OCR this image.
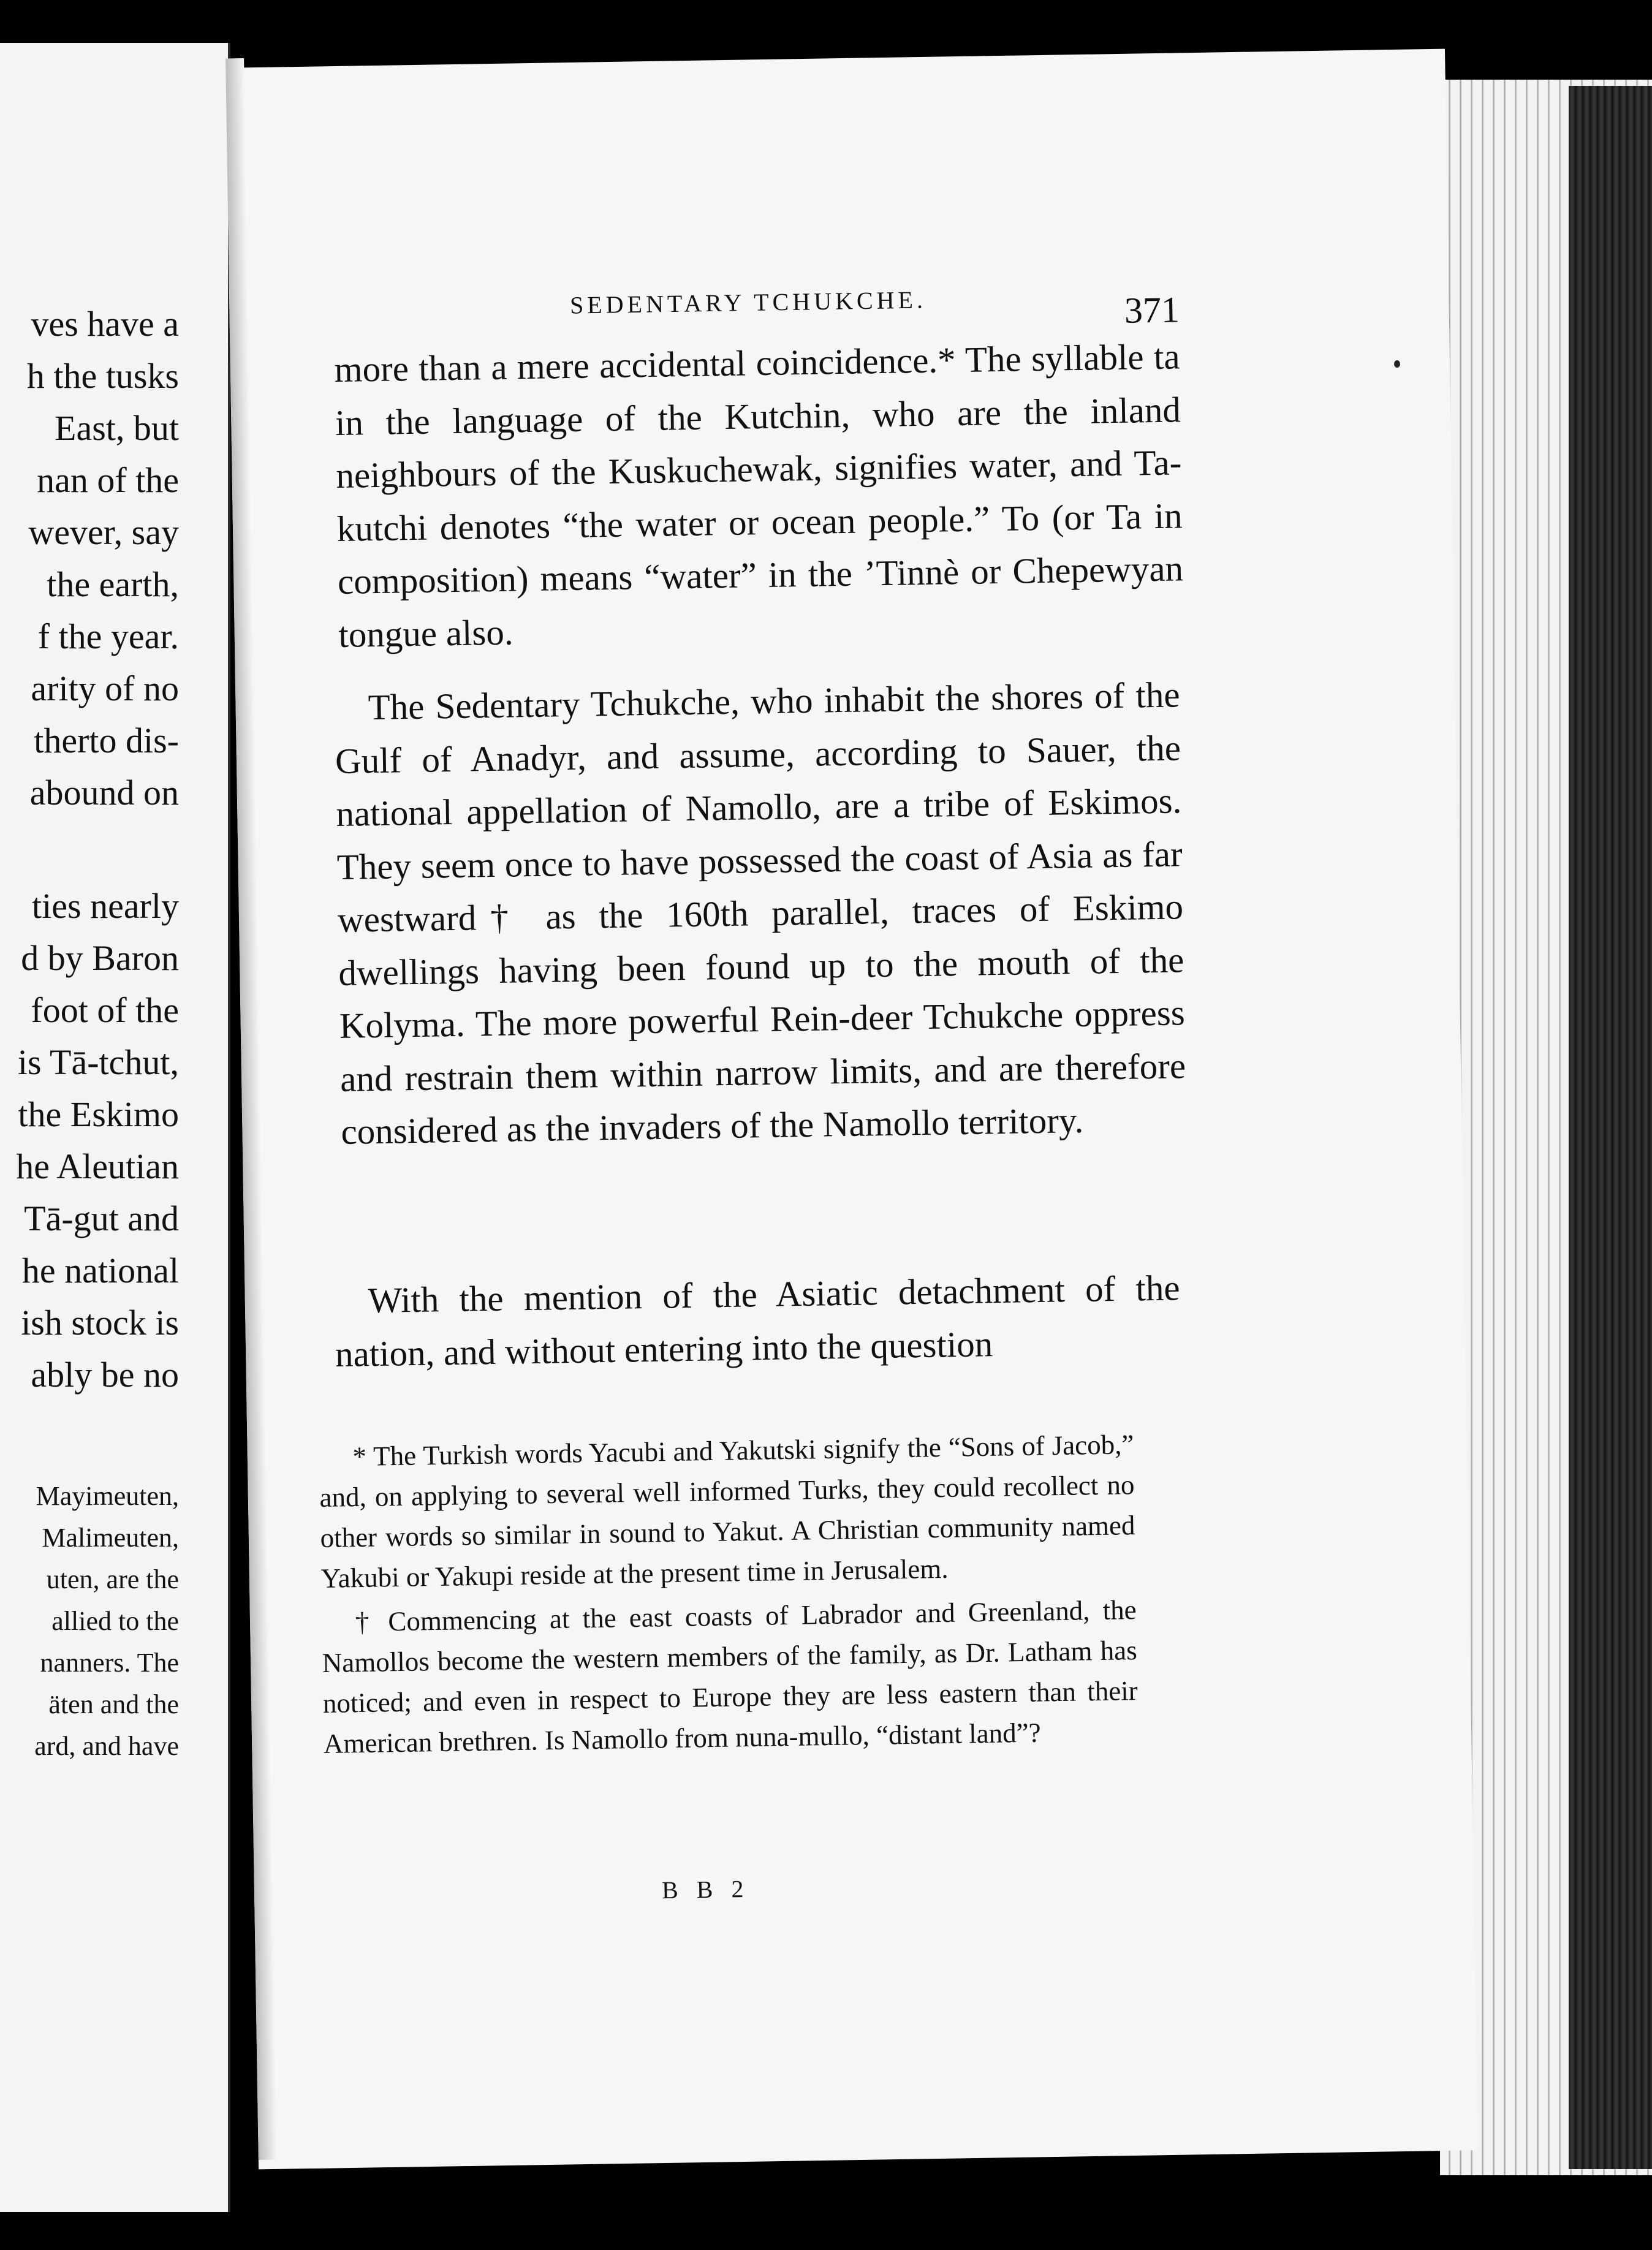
ves have a
h the tusks
East, but
nan of the
wever, say
the earth,
f the year.
arity of no
therto dis-
abound on
ties nearly
d by Baron
foot of the
is Tā-tchut,
the Eskimo
he Aleutian
Tā-gut and
he national
ish stock is
ably be no
Mayimeuten,
Malimeuten,
uten, are the
allied to the
nanners. The
äten and the
ard, and have
SEDENTARY TCHUKCHE.	371
more than a mere accidental coincidence.* The syllable ta in the language of the Kutchin, who are the inland neighbours of the Kuskuchewak, signifies water, and Ta-kutchi denotes “the water or ocean people.” To (or Ta in composition) means “water” in the ’Tinnè or Chepewyan tongue also.
The Sedentary Tchukche, who inhabit the shores of the Gulf of Anadyr, and assume, according to Sauer, the national appellation of Namollo, are a tribe of Eskimos. They seem once to have possessed the coast of Asia as far westward† as the 160th parallel, traces of Eskimo dwellings having been found up to the mouth of the Kolyma. The more powerful Rein-deer Tchukche oppress and restrain them within narrow limits, and are therefore considered as the invaders of the Namollo territory.
With the mention of the Asiatic detachment of the nation, and without entering into the question

* The Turkish words Yacubi and Yakutski signify the “Sons of Jacob,” and, on applying to several well informed Turks, they could recollect no other words so similar in sound to Yakut. A Christian community named Yakubi or Yakupi reside at the present time in Jerusalem.

† Commencing at the east coasts of Labrador and Greenland, the Namollos become the western members of the family, as Dr. Latham has noticed; and even in respect to Europe they are less eastern than their American brethren. Is Namollo from nuna-mullo, “distant land”?

B B 2
